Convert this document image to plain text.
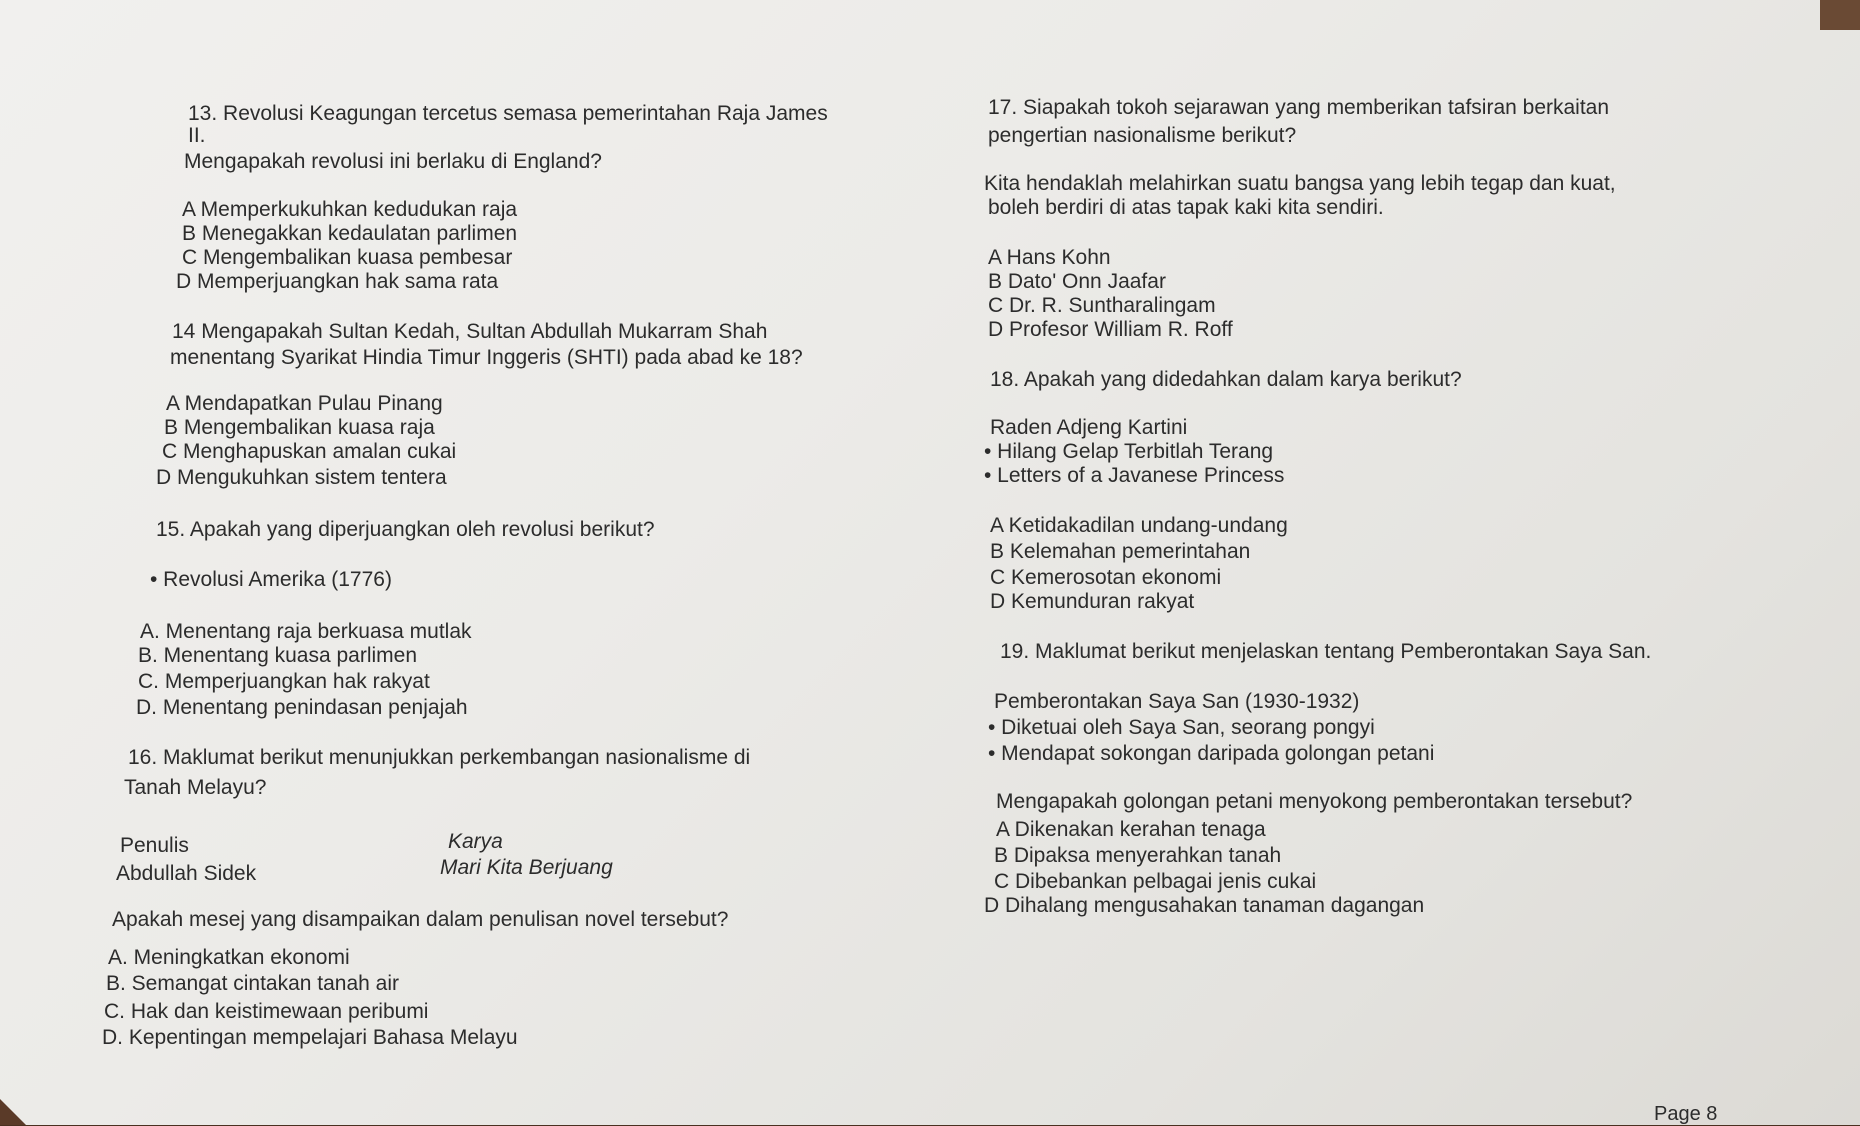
13. Revolusi Keagungan tercetus semasa pemerintahan Raja James

II.

Mengapakah revolusi ini berlaku di England?

A Memperkukuhkan kedudukan raja

B Menegakkan kedaulatan parlimen

C Mengembalikan kuasa pembesar

D Memperjuangkan hak sama rata

14 Mengapakah Sultan Kedah, Sultan Abdullah Mukarram Shah

menentang Syarikat Hindia Timur Inggeris (SHTI) pada abad ke 18?

A Mendapatkan Pulau Pinang

B Mengembalikan kuasa raja

C Menghapuskan amalan cukai

D Mengukuhkan sistem tentera

15. Apakah yang diperjuangkan oleh revolusi berikut?

• Revolusi Amerika (1776)

A. Menentang raja berkuasa mutlak

B. Menentang kuasa parlimen

C. Memperjuangkan hak rakyat

D. Menentang penindasan penjajah

16. Maklumat berikut menunjukkan perkembangan nasionalisme di

Tanah Melayu?

Penulis	Karya

Abdullah Sidek	Mari Kita Berjuang

Apakah mesej yang disampaikan dalam penulisan novel tersebut?

A. Meningkatkan ekonomi

B. Semangat cintakan tanah air

C. Hak dan keistimewaan peribumi

D. Kepentingan mempelajari Bahasa Melayu

17. Siapakah tokoh sejarawan yang memberikan tafsiran berkaitan

pengertian nasionalisme berikut?

Kita hendaklah melahirkan suatu bangsa yang lebih tegap dan kuat,

boleh berdiri di atas tapak kaki kita sendiri.

A Hans Kohn

B Dato' Onn Jaafar

C Dr. R. Suntharalingam

D Profesor William R. Roff

18. Apakah yang didedahkan dalam karya berikut?

Raden Adjeng Kartini

• Hilang Gelap Terbitlah Terang

• Letters of a Javanese Princess

A Ketidakadilan undang-undang

B Kelemahan pemerintahan

C Kemerosotan ekonomi

D Kemunduran rakyat

19. Maklumat berikut menjelaskan tentang Pemberontakan Saya San.

Pemberontakan Saya San (1930-1932)

• Diketuai oleh Saya San, seorang pongyi

• Mendapat sokongan daripada golongan petani

Mengapakah golongan petani menyokong pemberontakan tersebut?

A Dikenakan kerahan tenaga

B Dipaksa menyerahkan tanah

C Dibebankan pelbagai jenis cukai

D Dihalang mengusahakan tanaman dagangan

Page 8
